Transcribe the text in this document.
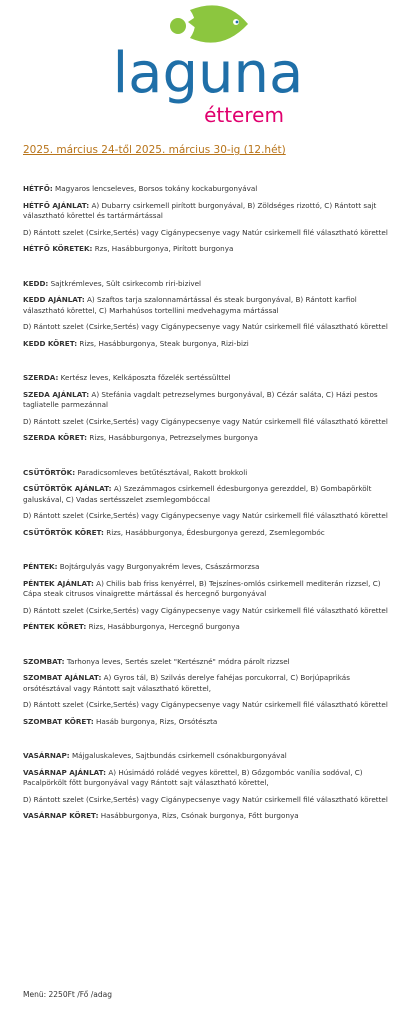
laguna
étterem
2025. március 24-től 2025. március 30-ig (12.hét)
HÉTFŐ: Magyaros lencseleves, Borsos tokány kockaburgonyával
HÉTFŐ AJÁNLAT: A) Dubarry csirkemell pirított burgonyával, B) Zöldséges rizottó, C) Rántott sajt választható körettel és tartármártással
D) Rántott szelet (Csirke,Sertés) vagy Cigánypecsenye vagy Natúr csirkemell filé választható körettel
HÉTFŐ KÖRETEK: Rzs, Hasábburgonya, Pirított burgonya
KEDD: Sajtkrémleves, Sült csirkecomb riri-bizivel
KEDD AJÁNLAT: A) Szaftos tarja szalonnamártással és steak burgonyával, B) Rántott karfiol választható körettel, C) Marhahúsos tortellini medvehagyma mártással
D) Rántott szelet (Csirke,Sertés) vagy Cigánypecsenye vagy Natúr csirkemell filé választható körettel
KEDD KÖRET: Rizs, Hasábburgonya, Steak burgonya, Rizi-bizi
SZERDA: Kertész leves, Kelkáposzta főzelék sertéssülttel
SZEDA AJÁNLAT: A) Stefánia vagdalt petrezselymes burgonyával, B) Cézár saláta, C) Házi pestos tagliatelle parmezánnal
D) Rántott szelet (Csirke,Sertés) vagy Cigánypecsenye vagy Natúr csirkemell filé választható körettel
SZERDA KÖRET: Rizs, Hasábburgonya, Petrezselymes burgonya
CSÜTÖRTÖK: Paradicsomleves betűtésztával, Rakott brokkoli
CSÜTÖRTÖK AJÁNLAT: A) Szezámmagos csirkemell édesburgonya gerezddel, B) Gombapörkölt galuskával, C) Vadas sertésszelet zsemlegombóccal
D) Rántott szelet (Csirke,Sertés) vagy Cigánypecsenye vagy Natúr csirkemell filé választható körettel
CSÜTÖRTÖK KÖRET: Rizs, Hasábburgonya, Édesburgonya gerezd, Zsemlegombóc
PÉNTEK: Bojtárgulyás vagy Burgonyakrém leves, Császármorzsa
PÉNTEK AJÁNLAT: A) Chilis bab friss kenyérrel, B) Tejszínes-omlós csirkemell mediterán rizzsel, C) Cápa steak citrusos vinaigrette mártással és hercegnő burgonyával
D) Rántott szelet (Csirke,Sertés) vagy Cigánypecsenye vagy Natúr csirkemell filé választható körettel
PÉNTEK KÖRET: Rizs, Hasábburgonya, Hercegnő burgonya
SZOMBAT: Tarhonya leves, Sertés szelet "Kertészné" módra párolt rizzsel
SZOMBAT AJÁNLAT: A) Gyros tál, B) Szilvás derelye fahéjas porcukorral, C) Borjúpaprikás orsótésztával vagy Rántott sajt választható körettel,
D) Rántott szelet (Csirke,Sertés) vagy Cigánypecsenye vagy Natúr csirkemell filé választható körettel
SZOMBAT KÖRET: Hasáb burgonya, Rizs, Orsótészta
VASÁRNAP: Májgaluskaleves, Sajtbundás csirkemell csónakburgonyával
VASÁRNAP AJÁNLAT: A) Húsimádó roládé vegyes körettel, B) Gőzgombóc vanília sodóval, C) Pacalpörkölt főtt burgonyával vagy Rántott sajt választható körettel,
D) Rántott szelet (Csirke,Sertés) vagy Cigánypecsenye vagy Natúr csirkemell filé választható körettel
VASÁRNAP KÖRET: Hasábburgonya, Rizs, Csónak burgonya, Főtt burgonya
Menü: 2250Ft /Fő /adag
